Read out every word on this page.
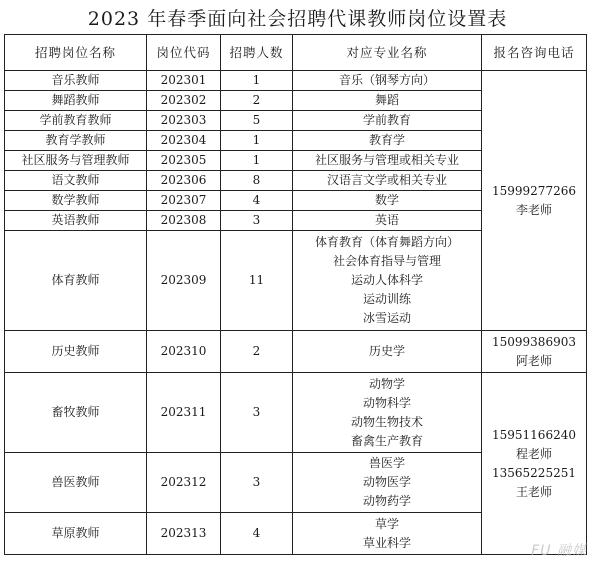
2023 年春季面向社会招聘代课教师岗位设置表
招聘岗位名称	岗位代码	招聘人数	对应专业名称	报名咨询电话
音乐教师	202301	1	音乐（钢琴方向）	15999277266
李老师

舞蹈教师	202302	2	舞蹈	

学前教育教师	202303	5	学前教育	

教育学教师	202304	1	教育学	

社区服务与管理教师	202305	1	社区服务与管理或相关专业	

语文教师	202306	8	汉语言文学或相关专业	

数学教师	202307	4	数学	

英语教师	202308	3	英语	

体育教师	202309	11	体育教育（体育舞蹈方向）
社会体育指导与管理
运动人体科学
运动训练
冰雪运动	

历史教师	202310	2	历史学	15099386903
阿老师

畜牧教师	202311	3	动物学
动物科学
动物生物技术
畜禽生产教育	15951166240
程老师
13565225251
王老师

兽医教师	202312	3	兽医学
动物医学
动物药学	

草原教师	202313	4	草学
草业科学	
FU 融媒
